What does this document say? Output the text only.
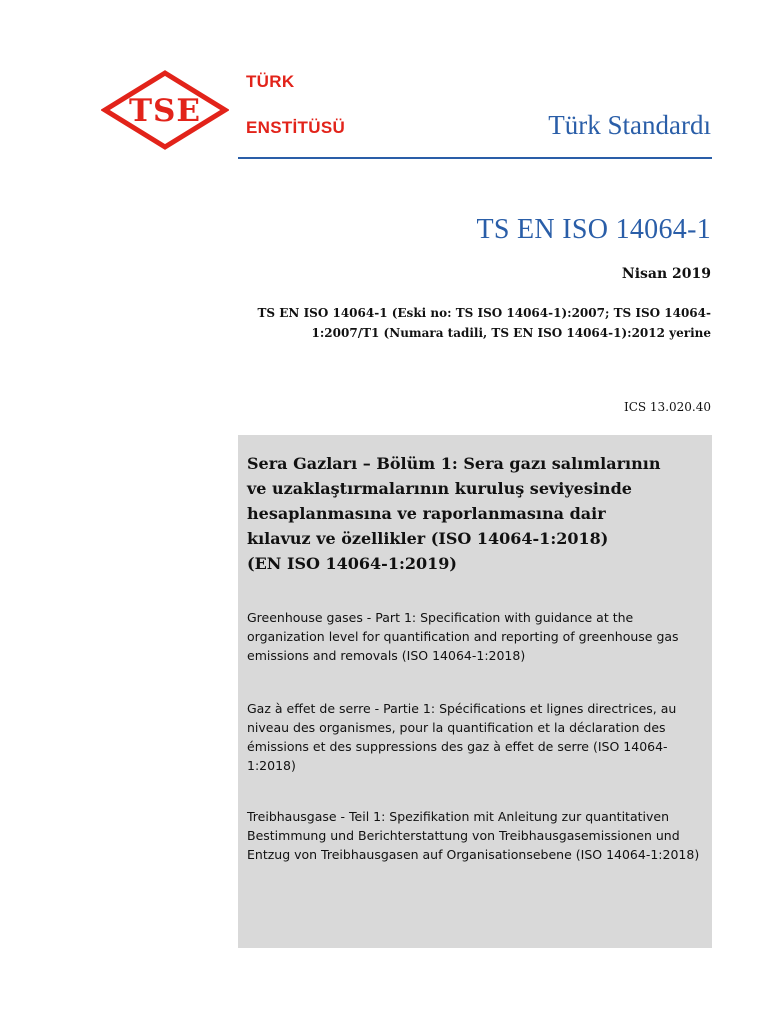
TSE
TÜRK
ENSTİTÜSÜ	Türk Standardı
TS EN ISO 14064-1
Nisan 2019
TS EN ISO 14064-1 (Eski no: TS ISO 14064-1):2007; TS ISO 14064-1:2007/T1 (Numara tadili, TS EN ISO 14064-1):2012 yerine
ICS 13.020.40
Sera Gazları – Bölüm 1: Sera gazı salımlarının
ve uzaklaştırmalarının kuruluş seviyesinde
hesaplanmasına ve raporlanmasına dair
kılavuz ve özellikler (ISO 14064-1:2018)
(EN ISO 14064-1:2019)
Greenhouse gases - Part 1: Specification with guidance at the organization level for quantification and reporting of greenhouse gas emissions and removals (ISO 14064-1:2018)
Gaz à effet de serre - Partie 1: Spécifications et lignes directrices, au niveau des organismes, pour la quantification et la déclaration des émissions et des suppressions des gaz à effet de serre (ISO 14064-1:2018)
Treibhausgase - Teil 1: Spezifikation mit Anleitung zur quantitativen Bestimmung und Berichterstattung von Treibhausgasemissionen und Entzug von Treibhausgasen auf Organisationsebene (ISO 14064-1:2018)
